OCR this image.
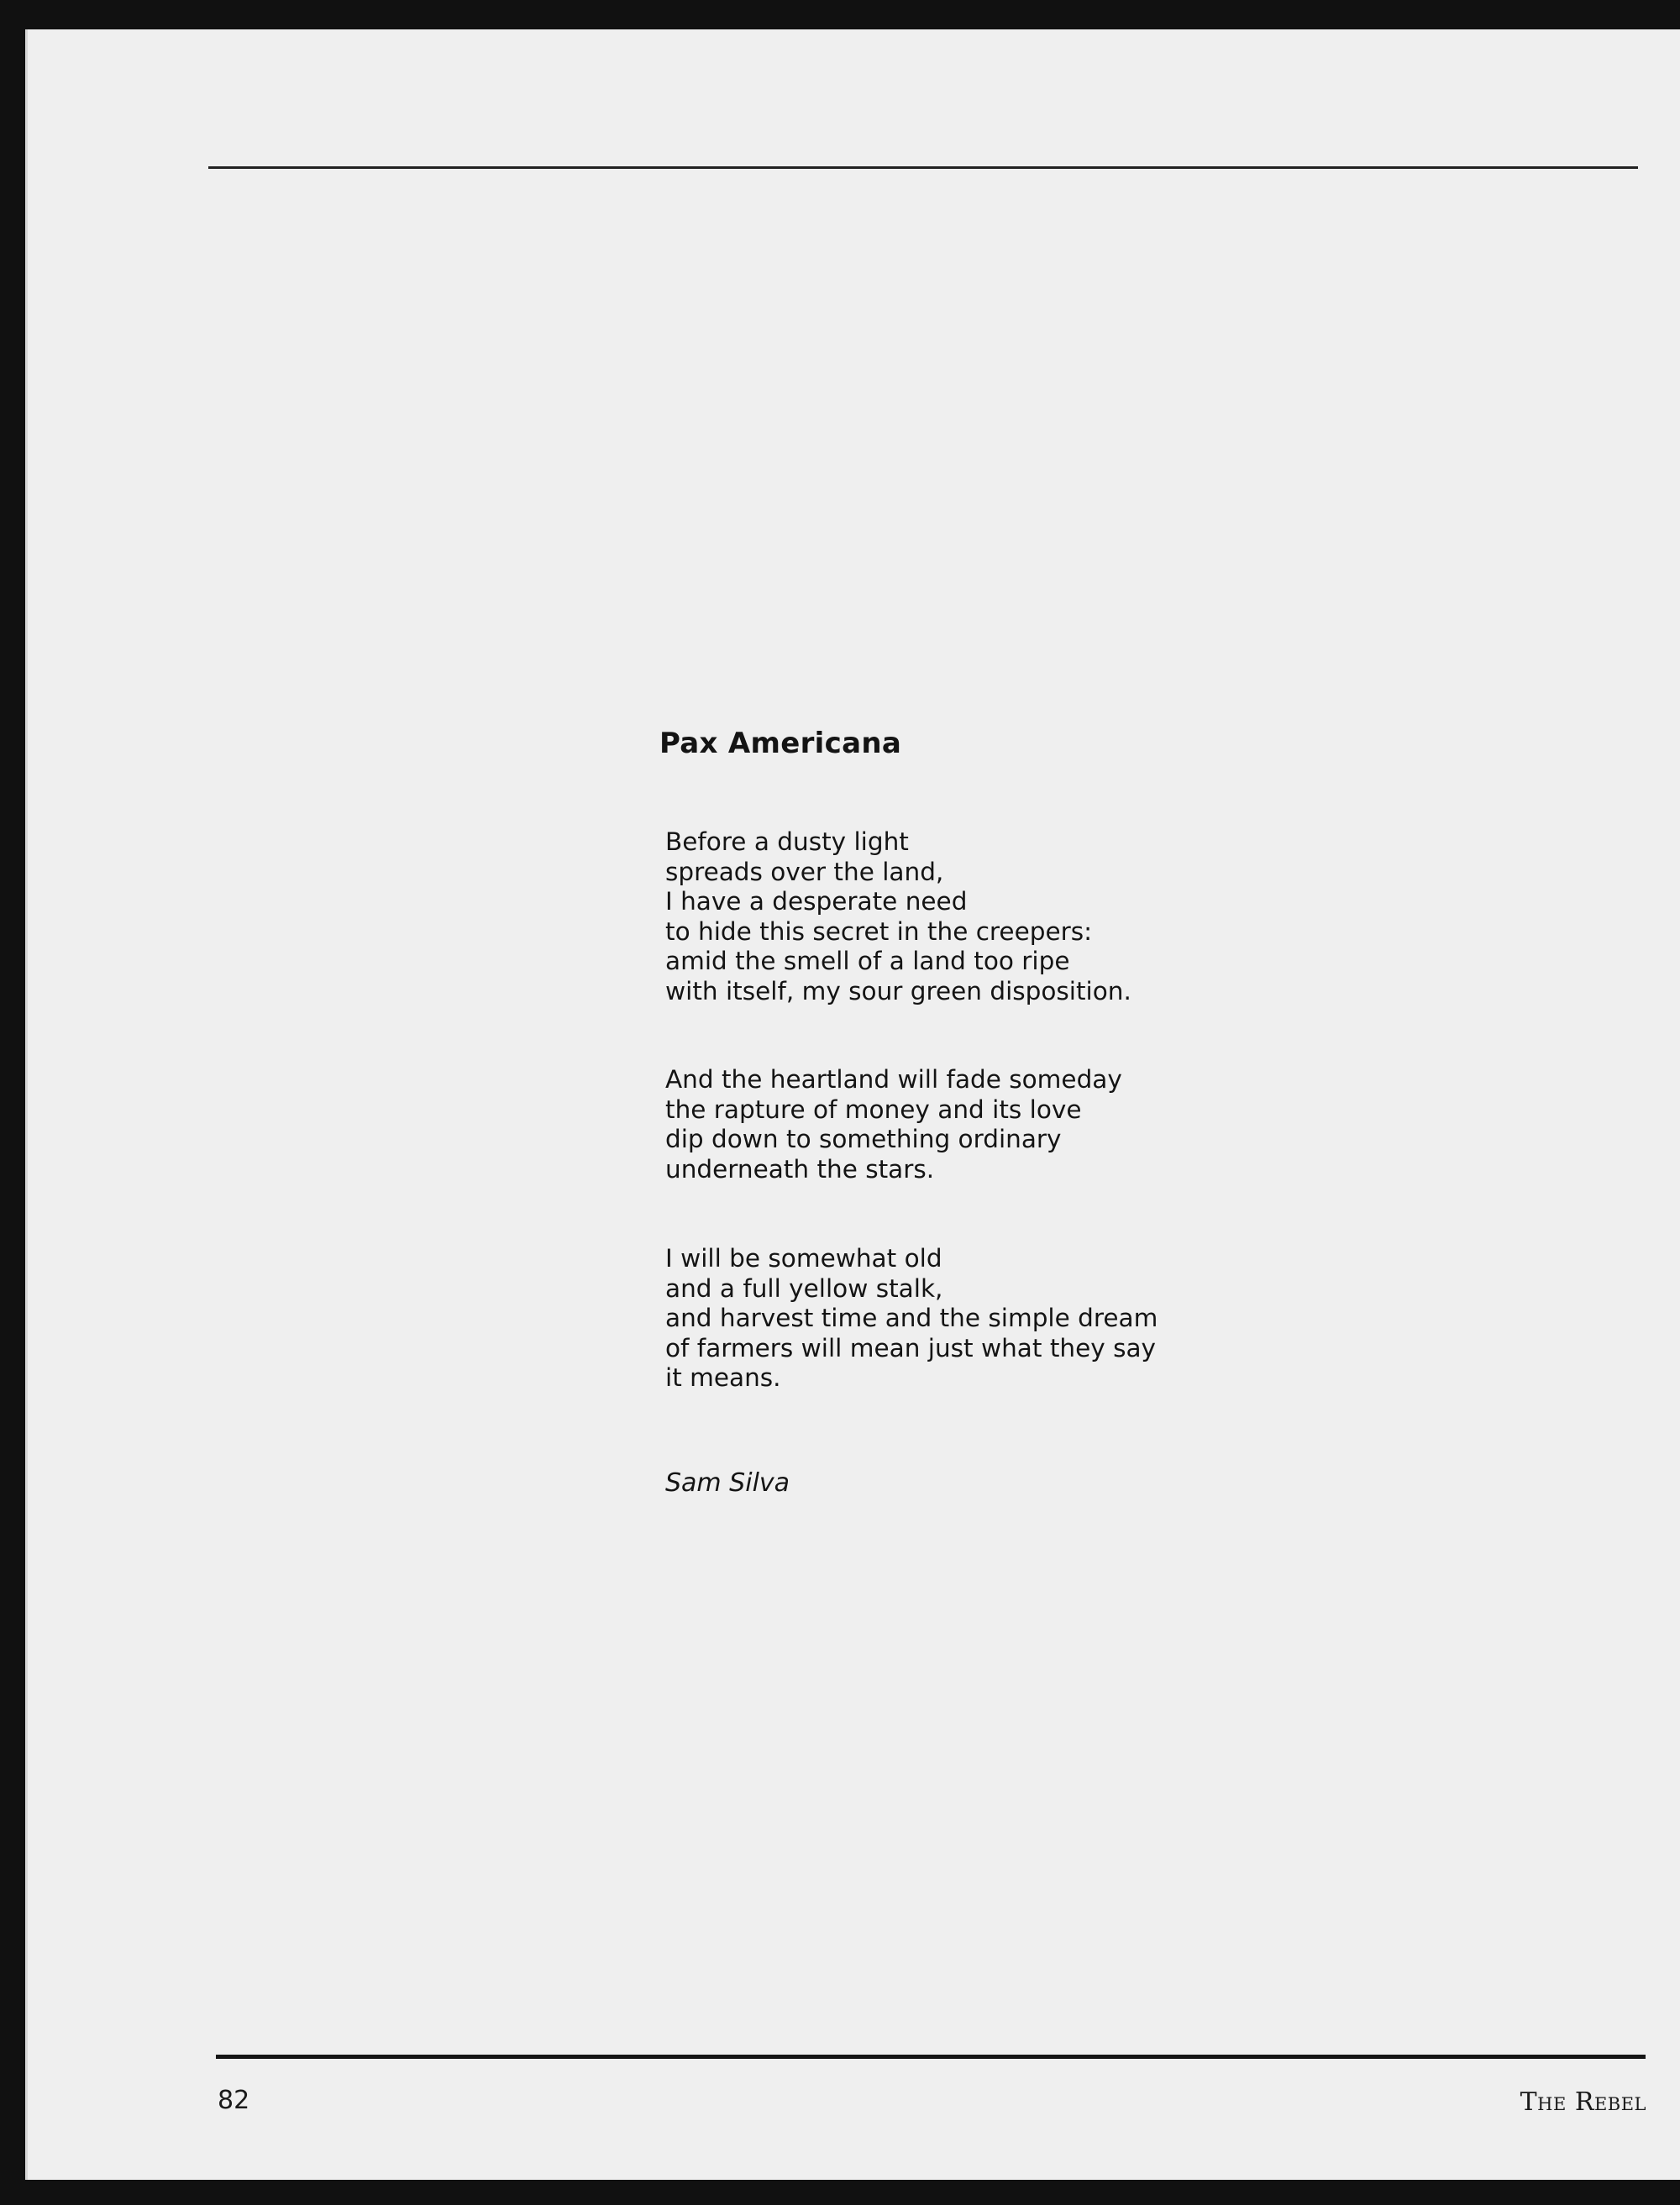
Pax Americana

Before a dusty light
spreads over the land,
I have a desperate need
to hide this secret in the creepers:
amid the smell of a land too ripe
with itself, my sour green disposition.

And the heartland will fade someday
the rapture of money and its love
dip down to something ordinary
underneath the stars.

I will be somewhat old
and a full yellow stalk,
and harvest time and the simple dream
of farmers will mean just what they say
it means.

Sam Silva

82	The Rebel
